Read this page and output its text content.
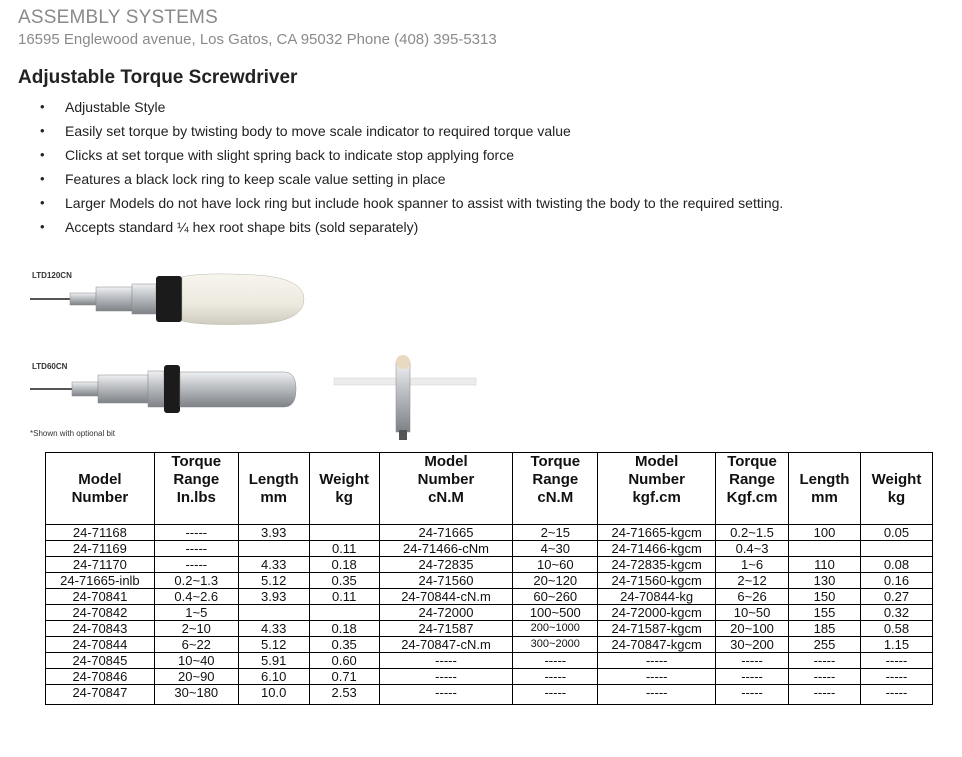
ASSEMBLY SYSTEMS
16595 Englewood avenue, Los Gatos, CA 95032 Phone (408) 395-5313
Adjustable Torque Screwdriver
• Adjustable Style
• Easily set torque by twisting body to move scale indicator to required torque value
• Clicks at set torque with slight spring back to indicate stop applying force
• Features a black lock ring to keep scale value setting in place
• Larger Models do not have lock ring but include hook spanner to assist with twisting the body to the required setting.
• Accepts standard ¼ hex root shape bits (sold separately)
LTD120CN
LTD60CN
*Shown with optional bit
Model Number	Torque Range In.lbs	Length mm	Weight kg	Model Number cN.M	Torque Range cN.M	Model Number kgf.cm	Torque Range Kgf.cm	Length mm	Weight kg
24-71168	-----	3.93		24-71665	2~15	24-71665-kgcm	0.2~1.5	100	0.05
24-71169	-----		0.11	24-71466-cNm	4~30	24-71466-kgcm	0.4~3		
24-71170	-----	4.33	0.18	24-72835	10~60	24-72835-kgcm	1~6	110	0.08
24-71665-inlb	0.2~1.3	5.12	0.35	24-71560	20~120	24-71560-kgcm	2~12	130	0.16
24-70841	0.4~2.6	3.93	0.11	24-70844-cN.m	60~260	24-70844-kg	6~26	150	0.27
24-70842	1~5			24-72000	100~500	24-72000-kgcm	10~50	155	0.32
24-70843	2~10	4.33	0.18	24-71587	200~1000	24-71587-kgcm	20~100	185	0.58
24-70844	6~22	5.12	0.35	24-70847-cN.m	300~2000	24-70847-kgcm	30~200	255	1.15
24-70845	10~40	5.91	0.60	-----	-----	-----	-----	-----	-----
24-70846	20~90	6.10	0.71	-----	-----	-----	-----	-----	-----
24-70847	30~180	10.0	2.53	-----	-----	-----	-----	-----	-----
